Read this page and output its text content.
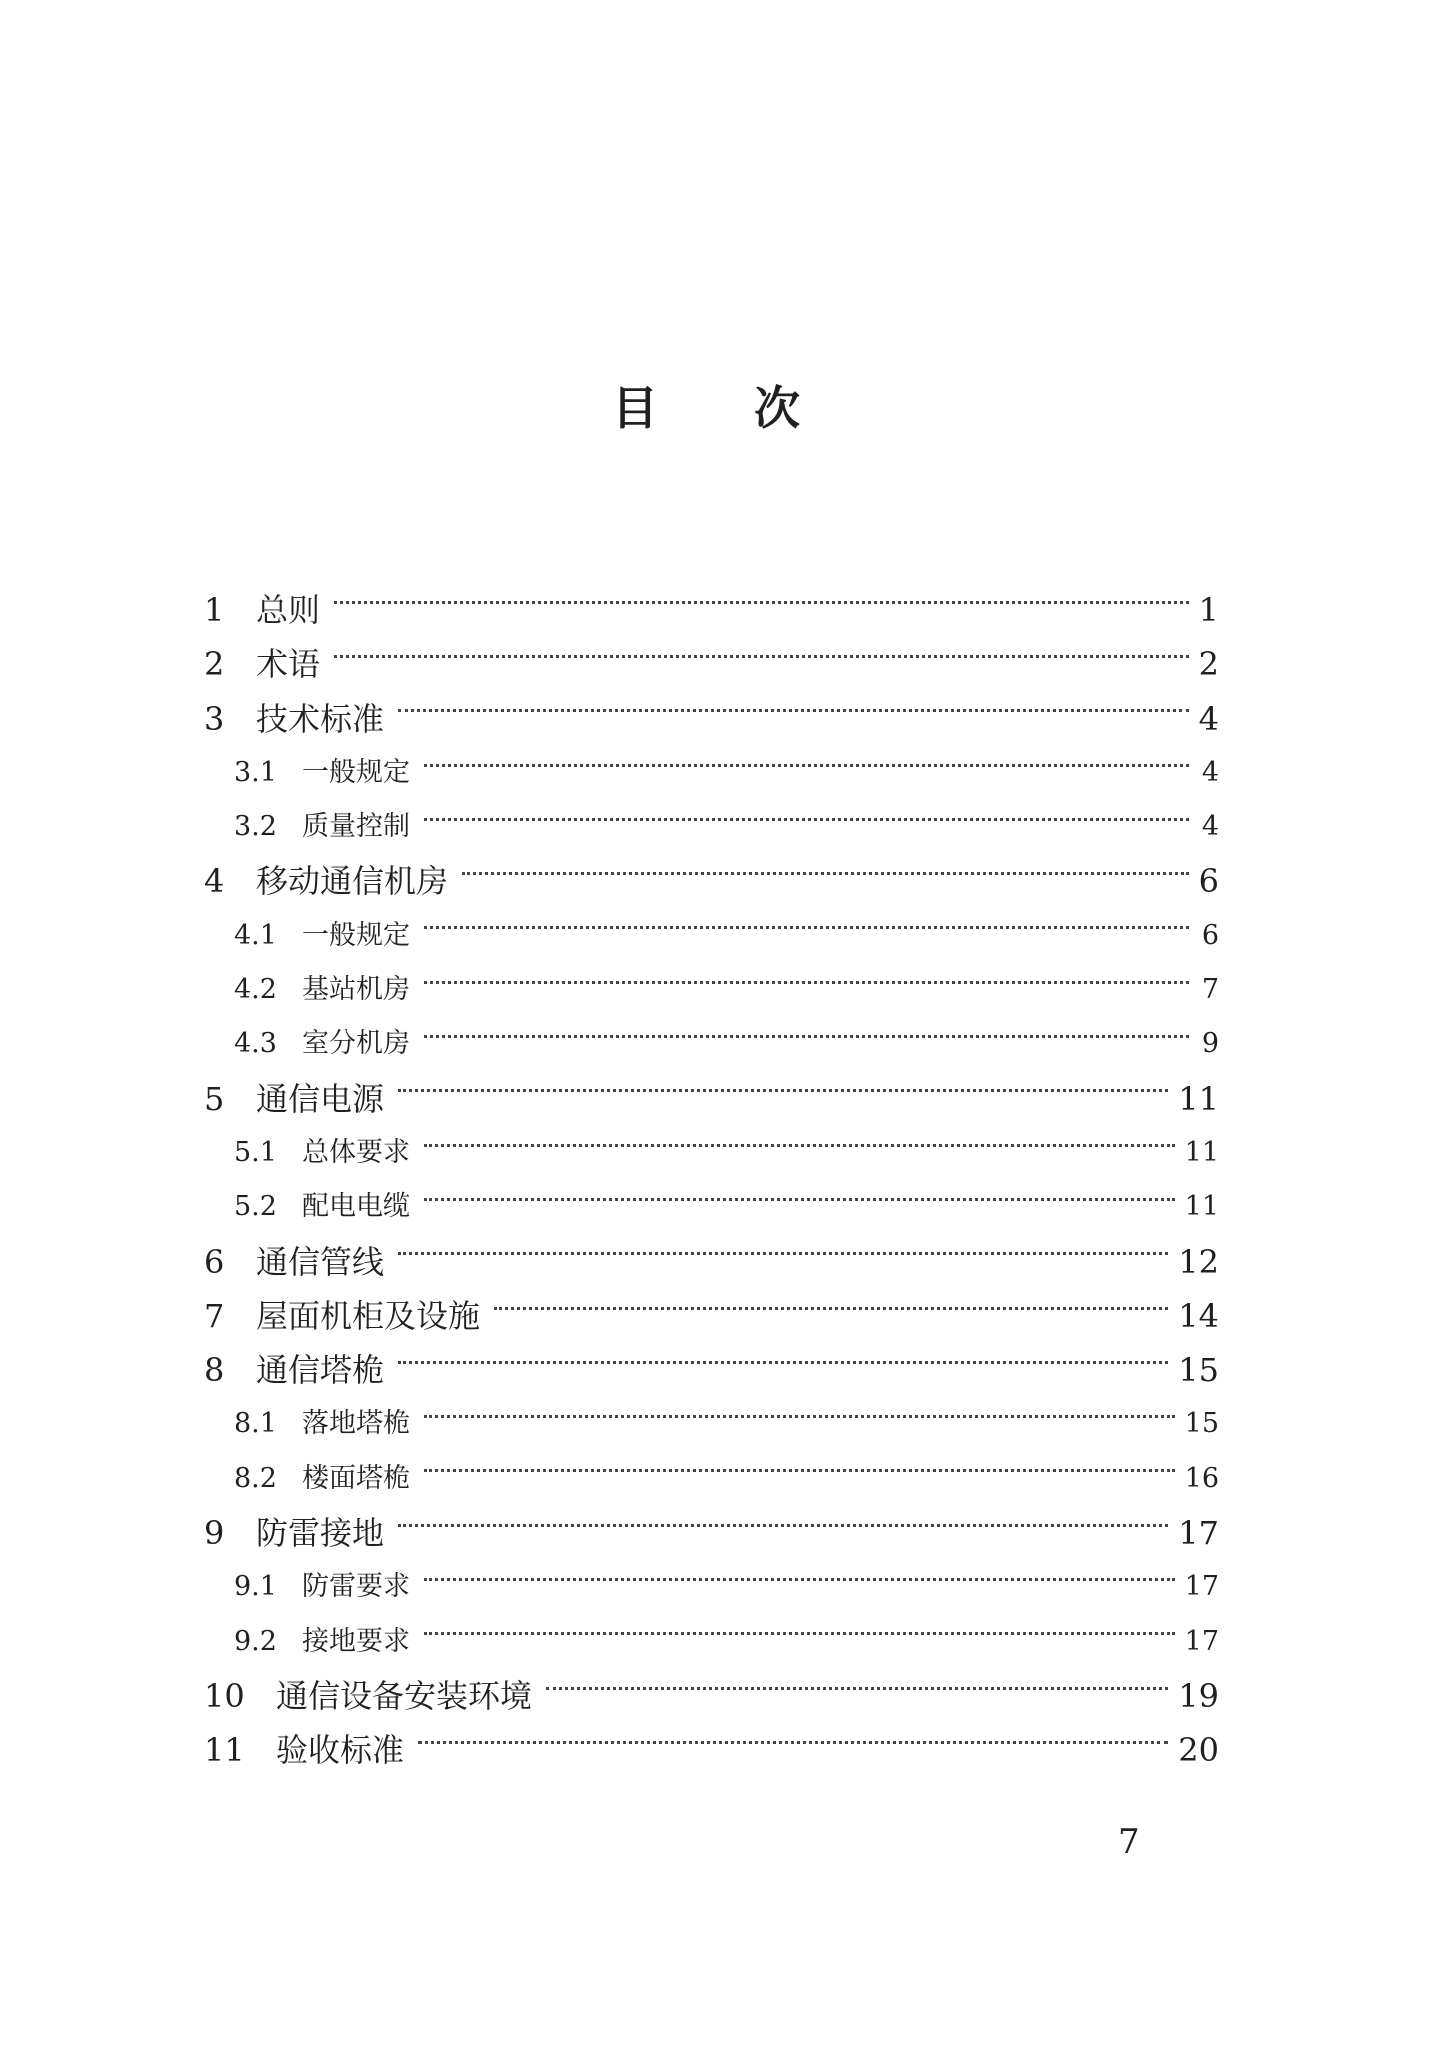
目 次
1 总则	1
2 术语	2
3 技术标准	4
3.1 一般规定	4
3.2 质量控制	4
4 移动通信机房	6
4.1 一般规定	6
4.2 基站机房	7
4.3 室分机房	9
5 通信电源	11
5.1 总体要求	11
5.2 配电电缆	11
6 通信管线	12
7 屋面机柜及设施	14
8 通信塔桅	15
8.1 落地塔桅	15
8.2 楼面塔桅	16
9 防雷接地	17
9.1 防雷要求	17
9.2 接地要求	17
10 通信设备安装环境	19
11 验收标准	20
7
